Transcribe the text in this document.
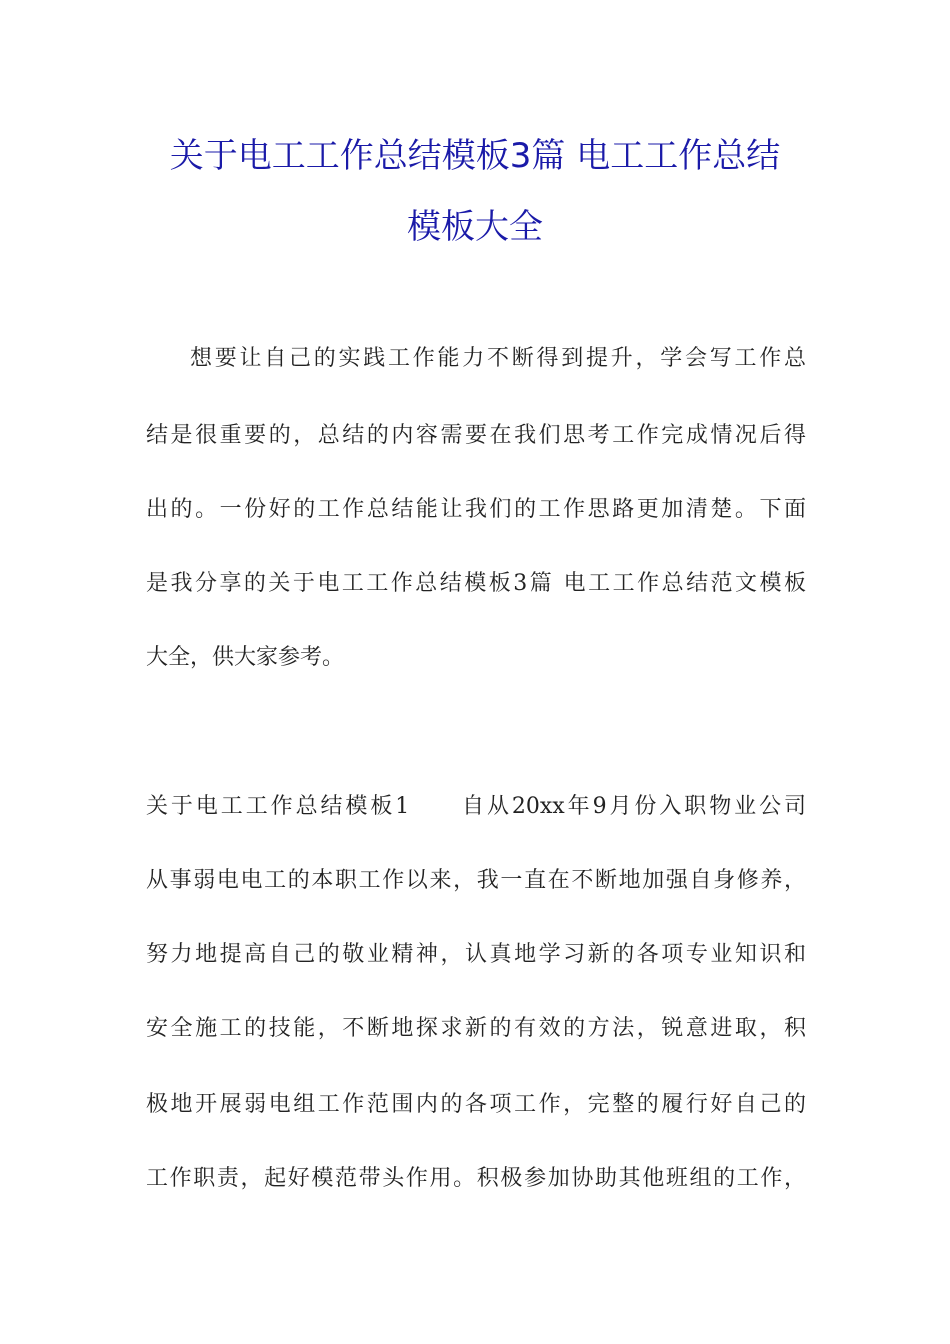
关于电工工作总结模板3篇 电工工作总结
模板大全

想要让自己的实践工作能力不断得到提升，学会写工作总

结是很重要的，总结的内容需要在我们思考工作完成情况后得

出的。一份好的工作总结能让我们的工作思路更加清楚。下面

是我分享的关于电工工作总结模板3篇 电工工作总结范文模板

大全，供大家参考。

关于电工工作总结模板1　　自从20xx年9月份入职物业公司

从事弱电电工的本职工作以来，我一直在不断地加强自身修养，

努力地提高自己的敬业精神，认真地学习新的各项专业知识和

安全施工的技能，不断地探求新的有效的方法，锐意进取，积

极地开展弱电组工作范围内的各项工作，完整的履行好自己的

工作职责，起好模范带头作用。积极参加协助其他班组的工作，
